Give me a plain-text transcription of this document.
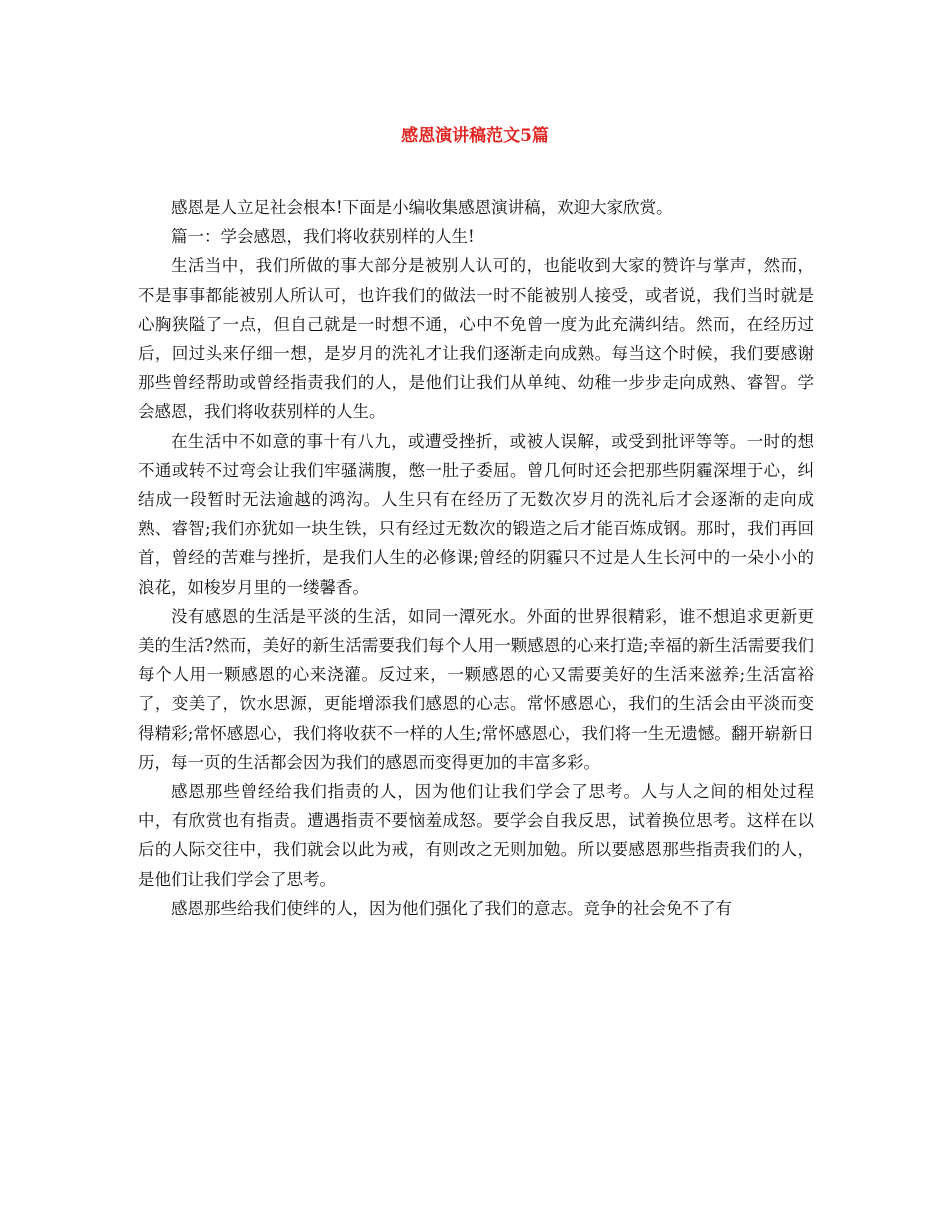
感恩演讲稿范文5篇

感恩是人立足社会根本!下面是小编收集感恩演讲稿，欢迎大家欣赏。

篇一：学会感恩，我们将收获别样的人生!

生活当中，我们所做的事大部分是被别人认可的，也能收到大家的赞许与掌声，然而，不是事事都能被别人所认可，也许我们的做法一时不能被别人接受，或者说，我们当时就是心胸狭隘了一点，但自己就是一时想不通，心中不免曾一度为此充满纠结。然而，在经历过后，回过头来仔细一想，是岁月的洗礼才让我们逐渐走向成熟。每当这个时候，我们要感谢那些曾经帮助或曾经指责我们的人，是他们让我们从单纯、幼稚一步步走向成熟、睿智。学会感恩，我们将收获别样的人生。

在生活中不如意的事十有八九，或遭受挫折，或被人误解，或受到批评等等。一时的想不通或转不过弯会让我们牢骚满腹，憋一肚子委屈。曾几何时还会把那些阴霾深埋于心，纠结成一段暂时无法逾越的鸿沟。人生只有在经历了无数次岁月的洗礼后才会逐渐的走向成熟、睿智;我们亦犹如一块生铁，只有经过无数次的锻造之后才能百炼成钢。那时，我们再回首，曾经的苦难与挫折，是我们人生的必修课;曾经的阴霾只不过是人生长河中的一朵小小的浪花，如梭岁月里的一缕馨香。

没有感恩的生活是平淡的生活，如同一潭死水。外面的世界很精彩，谁不想追求更新更美的生活?然而，美好的新生活需要我们每个人用一颗感恩的心来打造;幸福的新生活需要我们每个人用一颗感恩的心来浇灌。反过来，一颗感恩的心又需要美好的生活来滋养;生活富裕了，变美了，饮水思源，更能增添我们感恩的心志。常怀感恩心，我们的生活会由平淡而变得精彩;常怀感恩心，我们将收获不一样的人生;常怀感恩心，我们将一生无遗憾。翻开崭新日历，每一页的生活都会因为我们的感恩而变得更加的丰富多彩。

感恩那些曾经给我们指责的人，因为他们让我们学会了思考。人与人之间的相处过程中，有欣赏也有指责。遭遇指责不要恼羞成怒。要学会自我反思，试着换位思考。这样在以后的人际交往中，我们就会以此为戒，有则改之无则加勉。所以要感恩那些指责我们的人，是他们让我们学会了思考。

感恩那些给我们使绊的人，因为他们强化了我们的意志。竞争的社会免不了有
